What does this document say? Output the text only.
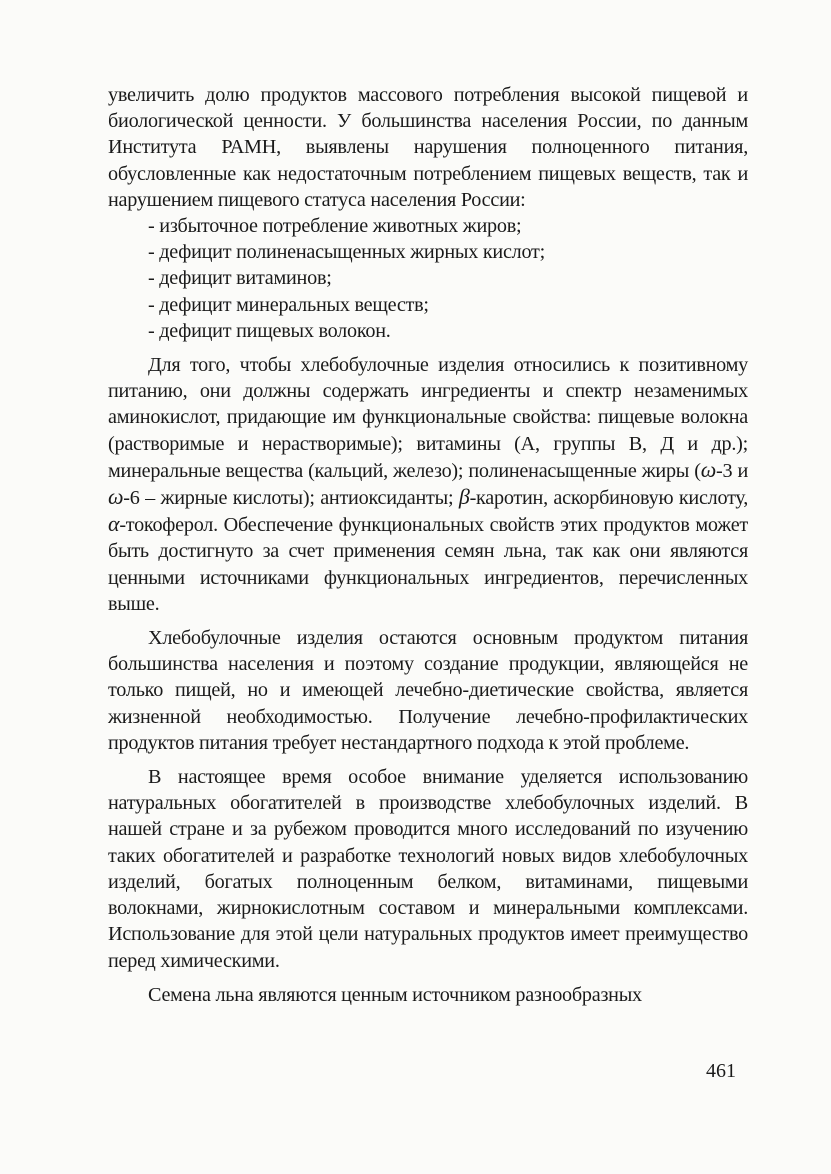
увеличить долю продуктов массового потребления высокой пищевой и биологической ценности. У большинства населения России, по данным Института РАМН, выявлены нарушения полноценного питания, обусловленные как недостаточным потреблением пищевых веществ, так и нарушением пищевого статуса населения России:

- избыточное потребление животных жиров;
- дефицит полиненасыщенных жирных кислот;
- дефицит витаминов;
- дефицит минеральных веществ;
- дефицит пищевых волокон.

Для того, чтобы хлебобулочные изделия относились к позитивному питанию, они должны содержать ингредиенты и спектр незаменимых аминокислот, придающие им функциональные свойства: пищевые волокна (растворимые и нерастворимые); витамины (А, группы В, Д и др.); минеральные вещества (кальций, железо); полиненасыщенные жиры (ω-3 и ω-6 – жирные кислоты); антиоксиданты; β-каротин, аскорбиновую кислоту, α-токоферол. Обеспечение функциональных свойств этих продуктов может быть достигнуто за счет применения семян льна, так как они являются ценными источниками функциональных ингредиентов, перечисленных выше.

Хлебобулочные изделия остаются основным продуктом питания большинства населения и поэтому создание продукции, являющейся не только пищей, но и имеющей лечебно-диетические свойства, является жизненной необходимостью. Получение лечебно-профилактических продуктов питания требует нестандартного подхода к этой проблеме.

В настоящее время особое внимание уделяется использованию натуральных обогатителей в производстве хлебобулочных изделий. В нашей стране и за рубежом проводится много исследований по изучению таких обогатителей и разработке технологий новых видов хлебобулочных изделий, богатых полноценным белком, витаминами, пищевыми волокнами, жирнокислотным составом и минеральными комплексами. Использование для этой цели натуральных продуктов имеет преимущество перед химическими.

Семена льна являются ценным источником разнообразных

461
